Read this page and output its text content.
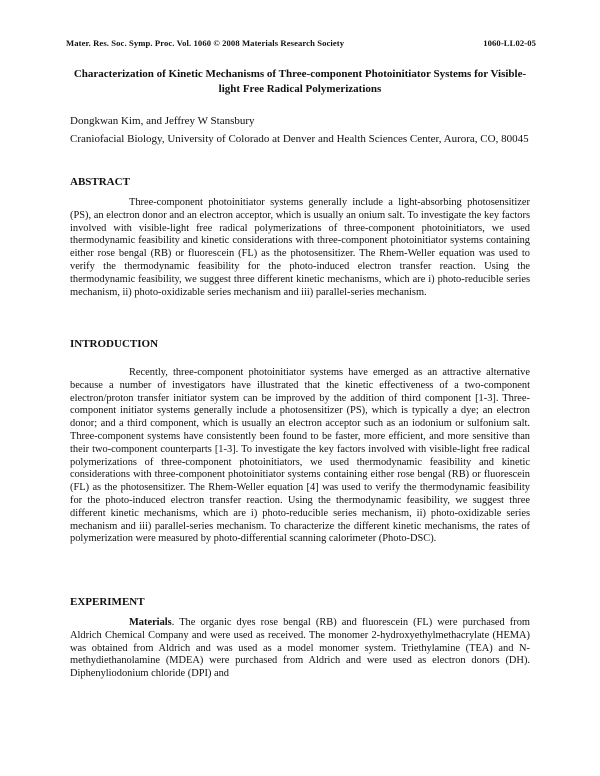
Mater. Res. Soc. Symp. Proc. Vol. 1060 © 2008 Materials Research Society	1060-LL02-05
Characterization of Kinetic Mechanisms of Three-component Photoinitiator Systems for Visible-light Free Radical Polymerizations
Dongkwan Kim, and Jeffrey W Stansbury
Craniofacial Biology, University of Colorado at Denver and Health Sciences Center, Aurora, CO, 80045
ABSTRACT

Three-component photoinitiator systems generally include a light-absorbing photosensitizer (PS), an electron donor and an electron acceptor, which is usually an onium salt. To investigate the key factors involved with visible-light free radical polymerizations of three-component photoinitiators, we used thermodynamic feasibility and kinetic considerations with three-component photoinitiator systems containing either rose bengal (RB) or fluorescein (FL) as the photosensitizer. The Rhem-Weller equation was used to verify the thermodynamic feasibility for the photo-induced electron transfer reaction. Using the thermodynamic feasibility, we suggest three different kinetic mechanisms, which are i) photo-reducible series mechanism, ii) photo-oxidizable series mechanism and iii) parallel-series mechanism.

INTRODUCTION

Recently, three-component photoinitiator systems have emerged as an attractive alternative because a number of investigators have illustrated that the kinetic effectiveness of a two-component electron/proton transfer initiator system can be improved by the addition of third component [1-3]. Three-component initiator systems generally include a photosensitizer (PS), which is typically a dye; an electron donor; and a third component, which is usually an electron acceptor such as an iodonium or sulfonium salt. Three-component systems have consistently been found to be faster, more efficient, and more sensitive than their two-component counterparts [1-3]. To investigate the key factors involved with visible-light free radical polymerizations of three-component photoinitiators, we used thermodynamic feasibility and kinetic considerations with three-component photoinitiator systems containing either rose bengal (RB) or fluorescein (FL) as the photosensitizer. The Rhem-Weller equation [4] was used to verify the thermodynamic feasibility for the photo-induced electron transfer reaction. Using the thermodynamic feasibility, we suggest three different kinetic mechanisms, which are i) photo-reducible series mechanism, ii) photo-oxidizable series mechanism and iii) parallel-series mechanism. To characterize the different kinetic mechanisms, the rates of polymerization were measured by photo-differential scanning calorimeter (Photo-DSC).

EXPERIMENT

Materials. The organic dyes rose bengal (RB) and fluorescein (FL) were purchased from Aldrich Chemical Company and were used as received. The monomer 2-hydroxyethylmethacrylate (HEMA) was obtained from Aldrich and was used as a model monomer system. Triethylamine (TEA) and N-methydiethanolamine (MDEA) were purchased from Aldrich and were used as electron donors (DH). Diphenyliodonium chloride (DPI) and
